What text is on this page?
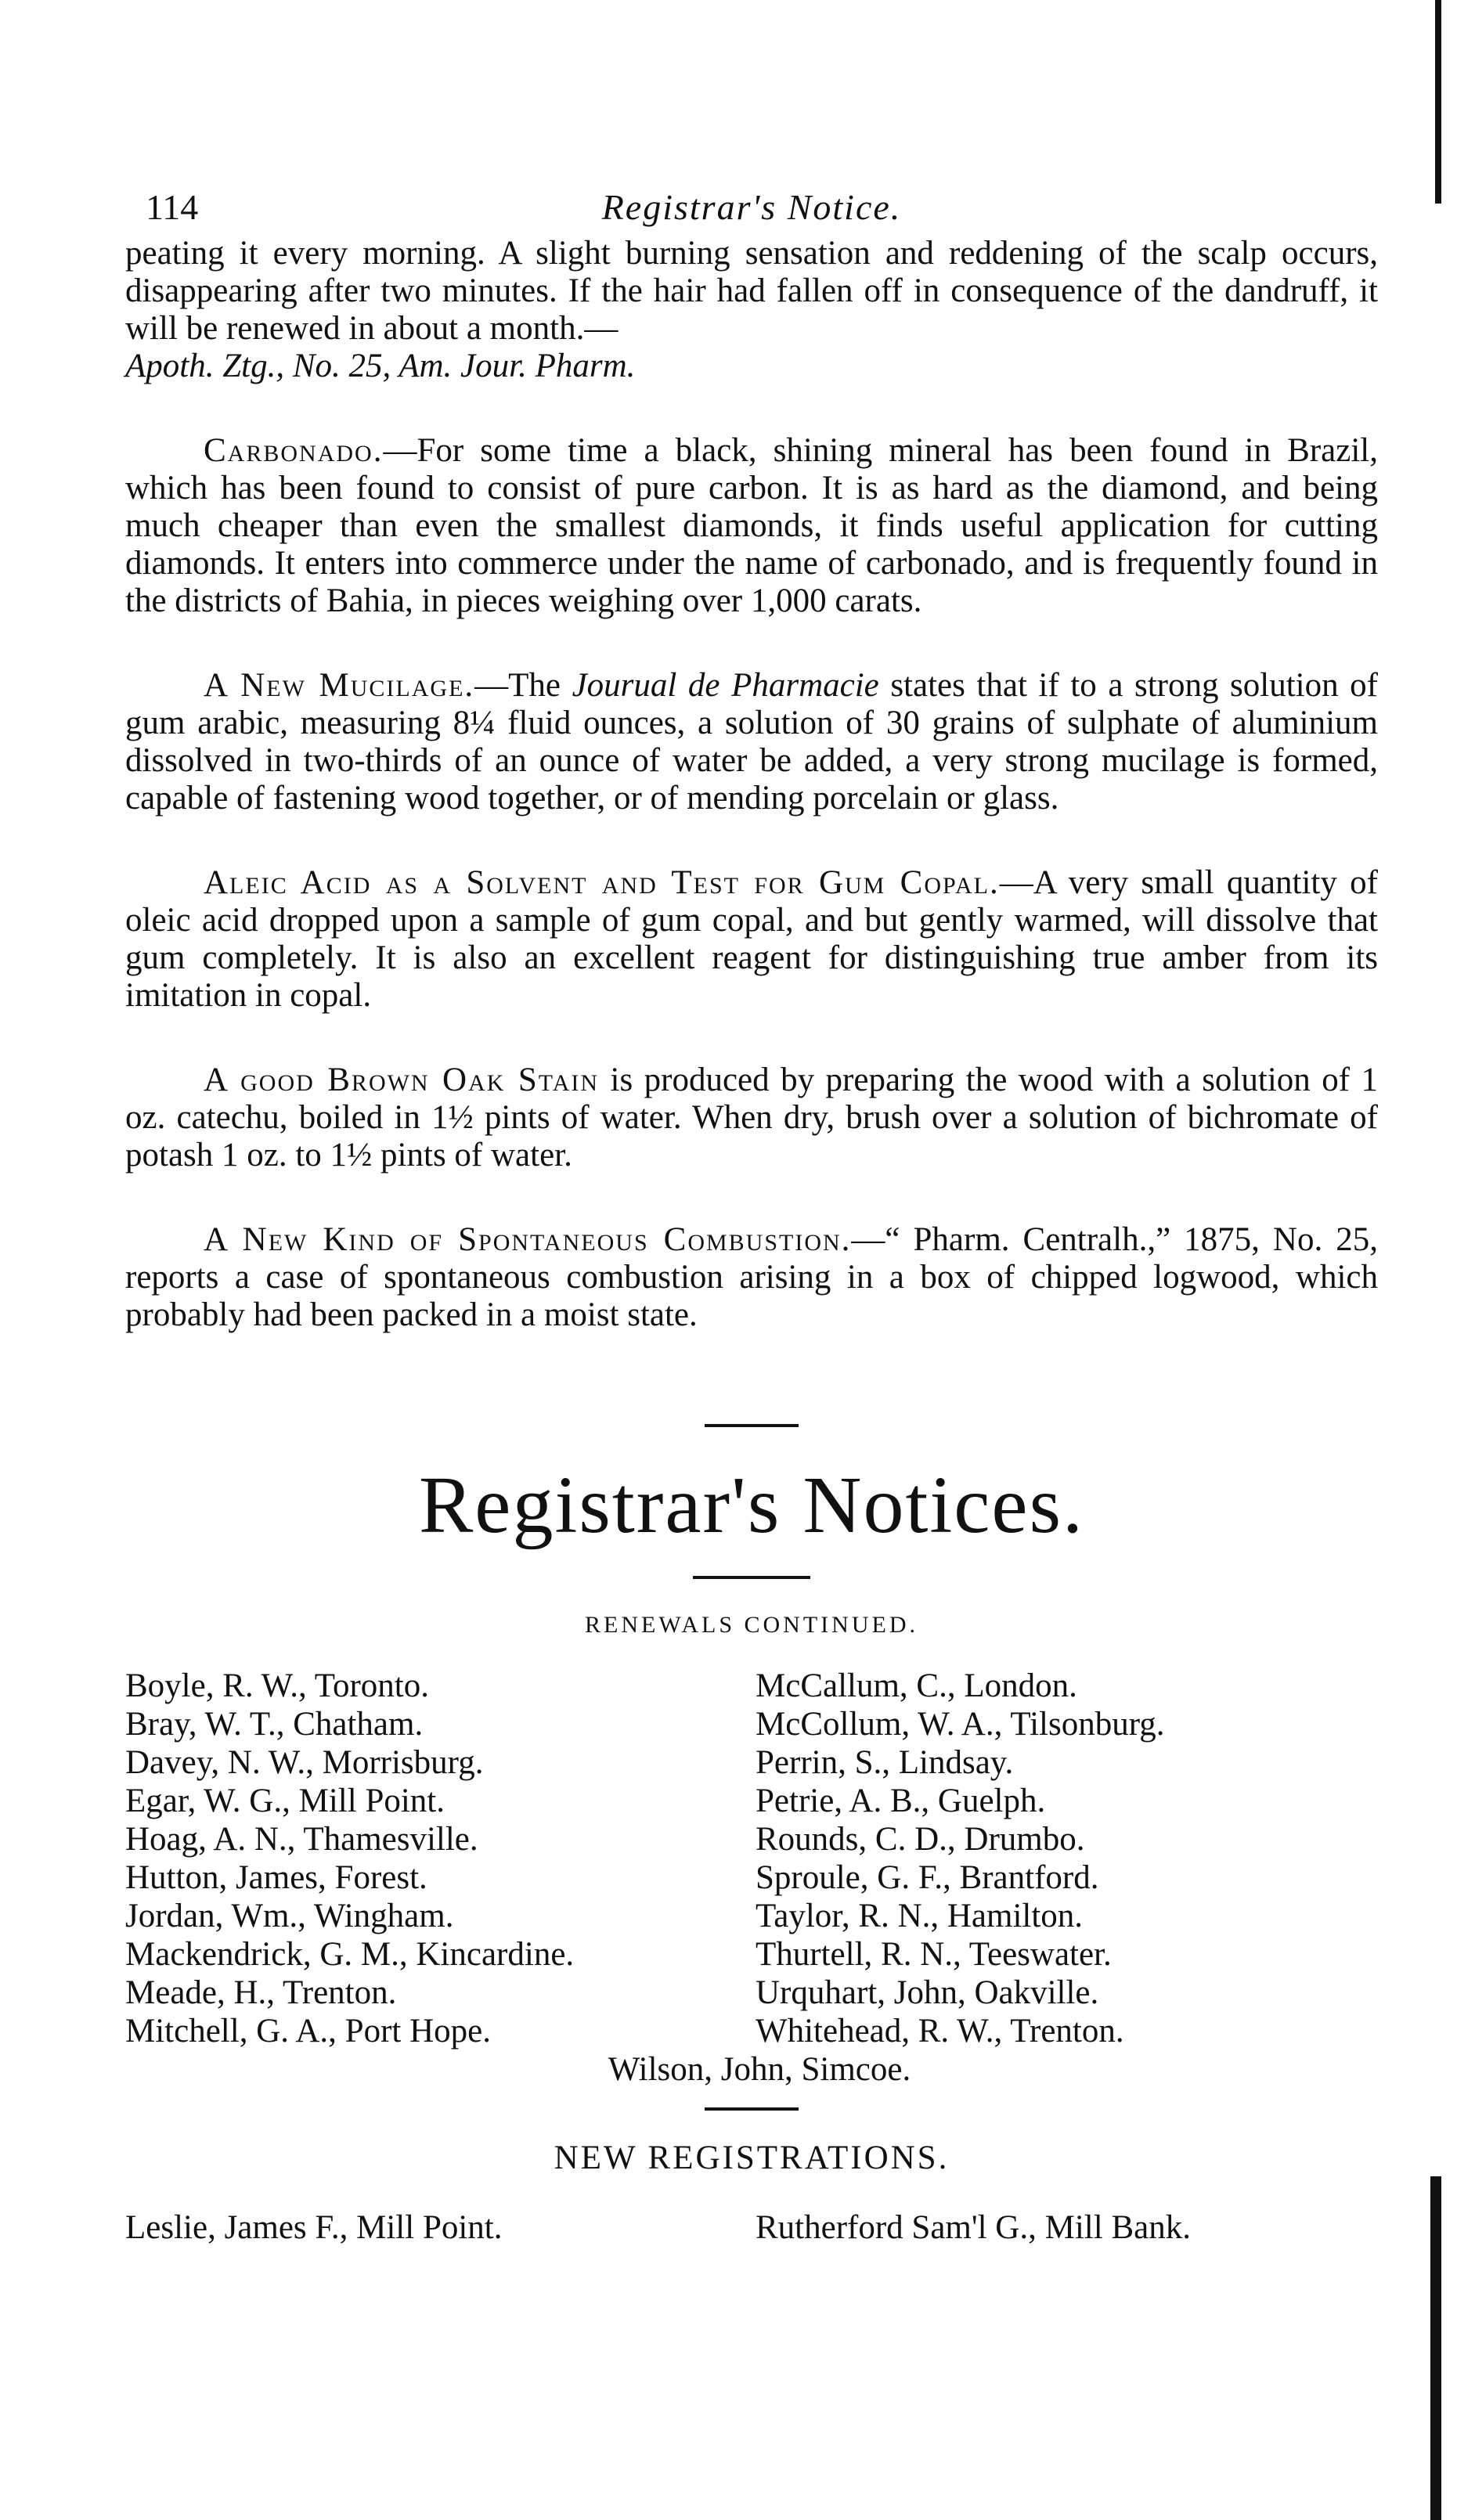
114	Registrar's Notice.

peating it every morning. A slight burning sensation and reddening of the scalp occurs, disappearing after two minutes. If the hair had fallen off in consequence of the dandruff, it will be renewed in about a month.—
Apoth. Ztg., No. 25, Am. Jour. Pharm.

Carbonado.—For some time a black, shining mineral has been found in Brazil, which has been found to consist of pure carbon. It is as hard as the diamond, and being much cheaper than even the smallest diamonds, it finds useful application for cutting diamonds. It enters into commerce under the name of carbonado, and is frequently found in the districts of Bahia, in pieces weighing over 1,000 carats.

A New Mucilage.—The Jourual de Pharmacie states that if to a strong solution of gum arabic, measuring 8¼ fluid ounces, a solution of 30 grains of sulphate of aluminium dissolved in two-thirds of an ounce of water be added, a very strong mucilage is formed, capable of fastening wood together, or of mending porcelain or glass.

Aleic Acid as a Solvent and Test for Gum Copal.—A very small quantity of oleic acid dropped upon a sample of gum copal, and but gently warmed, will dissolve that gum completely. It is also an excellent reagent for distinguishing true amber from its imitation in copal.

A good Brown Oak Stain is produced by preparing the wood with a solution of 1 oz. catechu, boiled in 1½ pints of water. When dry, brush over a solution of bichromate of potash 1 oz. to 1½ pints of water.

A New Kind of Spontaneous Combustion.—“ Pharm. Centralh.,” 1875, No. 25, reports a case of spontaneous combustion arising in a box of chipped logwood, which probably had been packed in a moist state.

Registrar's Notices.
RENEWALS CONTINUED.
Boyle, R. W., Toronto.
Bray, W. T., Chatham.
Davey, N. W., Morrisburg.
Egar, W. G., Mill Point.
Hoag, A. N., Thamesville.
Hutton, James, Forest.
Jordan, Wm., Wingham.
Mackendrick, G. M., Kincardine.
Meade, H., Trenton.
Mitchell, G. A., Port Hope.
McCallum, C., London.
McCollum, W. A., Tilsonburg.
Perrin, S., Lindsay.
Petrie, A. B., Guelph.
Rounds, C. D., Drumbo.
Sproule, G. F., Brantford.
Taylor, R. N., Hamilton.
Thurtell, R. N., Teeswater.
Urquhart, John, Oakville.
Whitehead, R. W., Trenton.
Wilson, John, Simcoe.
NEW REGISTRATIONS.
Leslie, James F., Mill Point.	Rutherford Sam'l G., Mill Bank.
